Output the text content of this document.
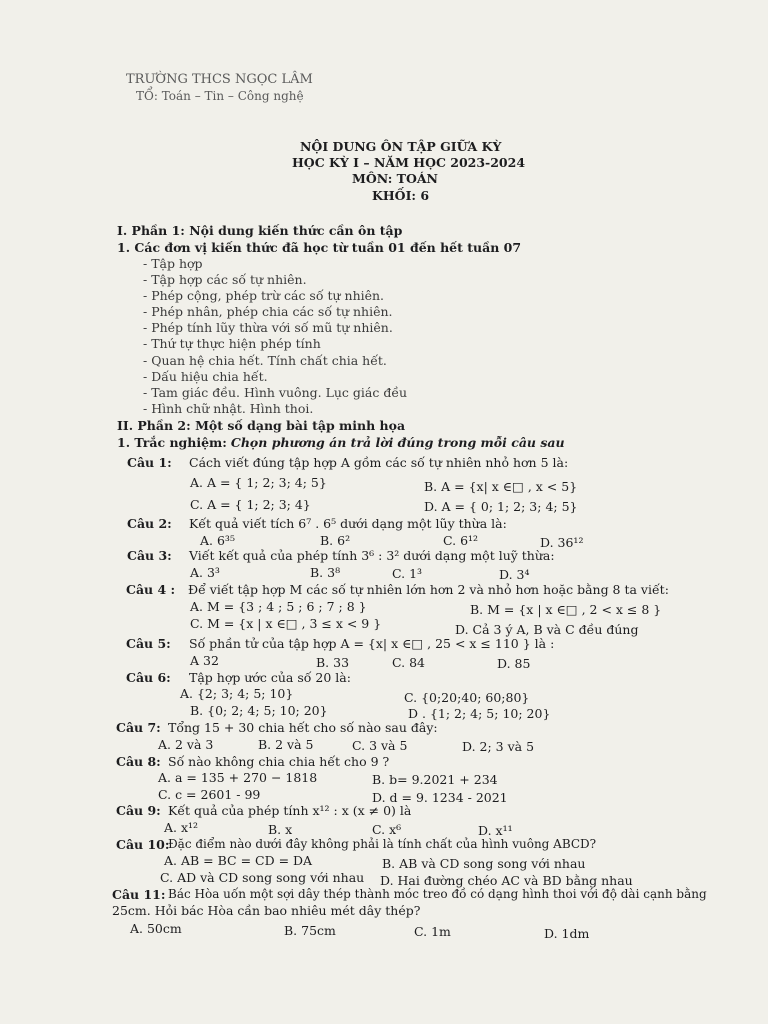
TRƯỜNG THCS NGỌC LÂM
TỔ: Toán – Tin – Công nghệ
NỘI DUNG ÔN TẬP GIỮA KỲ
HỌC KỲ I – NĂM HỌC 2023-2024
MÔN: TOÁN
KHỐI: 6
I. Phần 1: Nội dung kiến thức cần ôn tập
1. Các đơn vị kiến thức đã học từ tuần 01 đến hết tuần 07
- Tập hợp
- Tập hợp các số tự nhiên.
- Phép cộng, phép trừ các số tự nhiên.
- Phép nhân, phép chia các số tự nhiên.
- Phép tính lũy thừa với số mũ tự nhiên.
- Thứ tự thực hiện phép tính
- Quan hệ chia hết. Tính chất chia hết.
- Dấu hiệu chia hết.
- Tam giác đều. Hình vuông. Lục giác đều
- Hình chữ nhật. Hình thoi.
II. Phần 2: Một số dạng bài tập minh họa
1. Trắc nghiệm: Chọn phương án trả lời đúng trong mỗi câu sau
Câu 1: Cách viết đúng tập hợp A gồm các số tự nhiên nhỏ hơn 5 là:
A. A = { 1; 2; 3; 4; 5}	B. A = {x| x ∈□ , x < 5}
C. A = { 1; 2; 3; 4}	D. A = { 0; 1; 2; 3; 4; 5}
Câu 2: Kết quả viết tích 6⁷ . 6⁵ dưới dạng một lũy thừa là:
A. 6³⁵	B. 6²	C. 6¹²	D. 36¹²
Câu 3: Viết kết quả của phép tính 3⁶ : 3² dưới dạng một luỹ thừa:
A. 3³	B. 3⁸	C. 1³	D. 3⁴
Câu 4 : Để viết tập hợp M các số tự nhiên lớn hơn 2 và nhỏ hơn hoặc bằng 8 ta viết:
A. M = {3 ; 4 ; 5 ; 6 ; 7 ; 8 }	B. M = {x | x ∈□ , 2 < x ≤ 8 }
C. M = {x | x ∈□ , 3 ≤ x < 9 }	D. Cả 3 ý A, B và C đều đúng
Câu 5: Số phần tử của tập hợp A = {x| x ∈□ , 25 < x ≤ 110 } là :
A 32	B. 33	C. 84	D. 85
Câu 6: Tập hợp ước của số 20 là:
A. {2; 3; 4; 5; 10}	C. {0;20;40; 60;80}
B. {0; 2; 4; 5; 10; 20}	D . {1; 2; 4; 5; 10; 20}
Câu 7: Tổng 15 + 30 chia hết cho số nào sau đây:
A. 2 và 3	B. 2 và 5	C. 3 và 5	D. 2; 3 và 5
Câu 8: Số nào không chia chia hết cho 9 ?
A. a = 135 + 270 − 1818	B. b= 9.2021 + 234
C. c = 2601 - 99	D. d = 9. 1234 - 2021
Câu 9: Kết quả của phép tính x¹² : x (x ≠ 0) là
A. x¹²	B. x	C. x⁶	D. x¹¹
Câu 10:
Đặc điểm nào dưới đây không phải là tính chất của hình vuông ABCD?
A. AB = BC = CD = DA	B. AB và CD song song với nhau
C. AD và CD song song với nhau D. Hai đường chéo AC và BD bằng nhau
Câu 11: Bác Hòa uốn một sợi dây thép thành móc treo đồ có dạng hình thoi với độ dài cạnh bằng
25cm. Hỏi bác Hòa cần bao nhiêu mét dây thép?
A. 50cm	B. 75cm	C. 1m	D. 1dm
